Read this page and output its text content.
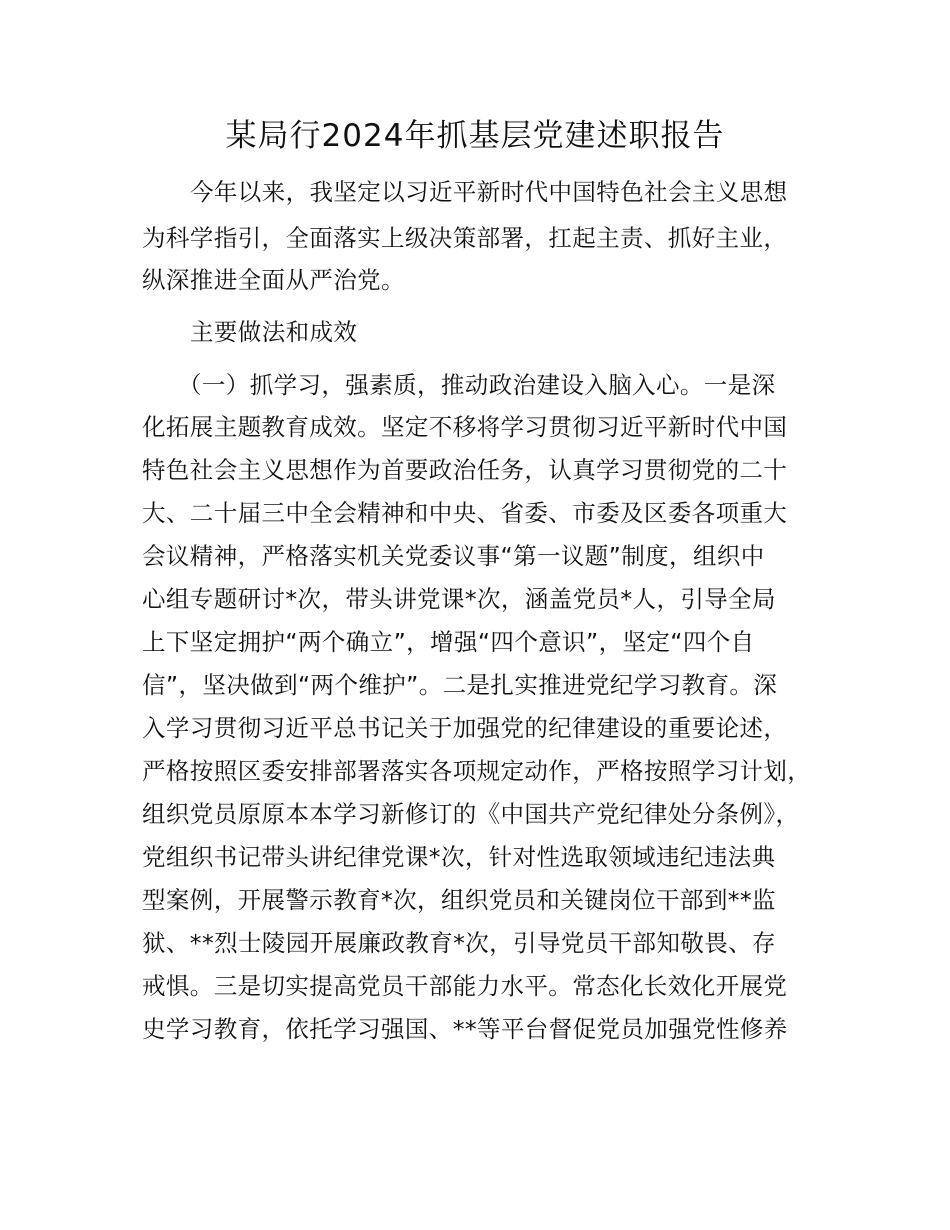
某局行2024年抓基层党建述职报告
今年以来，我坚定以习近平新时代中国特色社会主义思想
为科学指引，全面落实上级决策部署，扛起主责、抓好主业，
纵深推进全面从严治党。
主要做法和成效
（一）抓学习，强素质，推动政治建设入脑入心。一是深
化拓展主题教育成效。坚定不移将学习贯彻习近平新时代中国
特色社会主义思想作为首要政治任务，认真学习贯彻党的二十
大、二十届三中全会精神和中央、省委、市委及区委各项重大
会议精神，严格落实机关党委议事“第一议题”制度，组织中
心组专题研讨*次，带头讲党课*次，涵盖党员*人，引导全局
上下坚定拥护“两个确立”，增强“四个意识”，坚定“四个自
信”，坚决做到“两个维护”。二是扎实推进党纪学习教育。深
入学习贯彻习近平总书记关于加强党的纪律建设的重要论述，
严格按照区委安排部署落实各项规定动作，严格按照学习计划，
组织党员原原本本学习新修订的《中国共产党纪律处分条例》，
党组织书记带头讲纪律党课*次，针对性选取领域违纪违法典
型案例，开展警示教育*次，组织党员和关键岗位干部到**监
狱、**烈士陵园开展廉政教育*次，引导党员干部知敬畏、存
戒惧。三是切实提高党员干部能力水平。常态化长效化开展党
史学习教育，依托学习强国、**等平台督促党员加强党性修养
